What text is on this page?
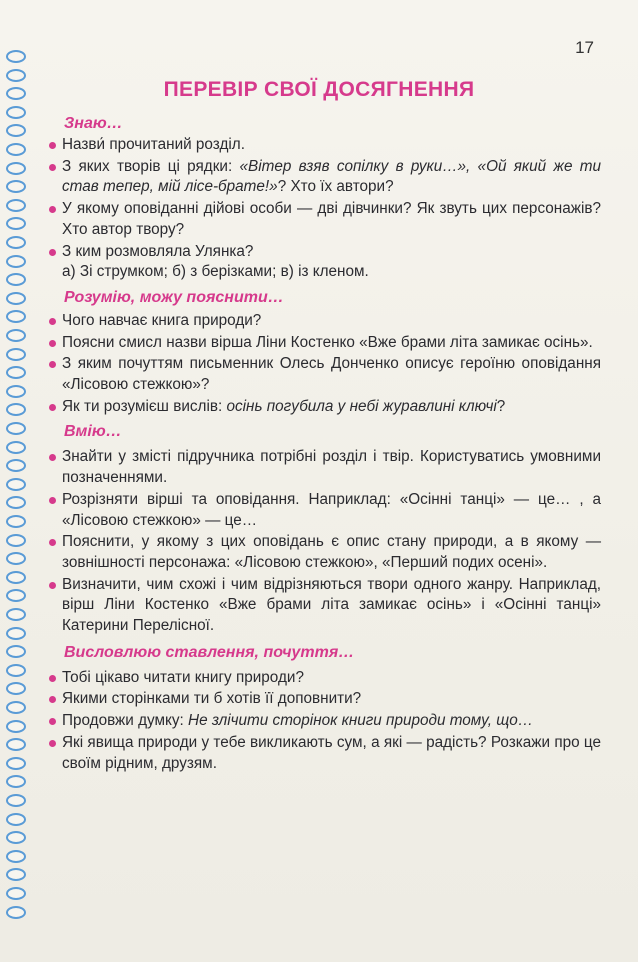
17
ПЕРЕВІР СВОЇ ДОСЯГНЕННЯ
Знаю…
Назви́ прочитаний розділ.
З яких творів ці рядки: «Вітер взяв сопілку в руки…», «Ой який же ти став тепер, мій лісе-брате!»? Хто їх автори?
У якому оповіданні дійові особи — дві дівчинки? Як звуть цих персонажів? Хто автор твору?
З ким розмовляла Улянка?
а) Зі струмком; б) з берізками; в) із кленом.
Розумію, можу пояснити…
Чого навчає книга природи?
Поясни смисл назви вірша Ліни Костенко «Вже брами літа замикає осінь».
З яким почуттям письменник Олесь Донченко описує героїню оповідання «Лісовою стежкою»?
Як ти розумієш вислів: осінь погубила у небі журавлині ключі?
Вмію…
Знайти у змісті підручника потрібні розділ і твір. Користуватись умовними позначеннями.
Розрізняти вірші та оповідання. Наприклад: «Осінні танці» — це… , а «Лісовою стежкою» — це…
Пояснити, у якому з цих оповідань є опис стану природи, а в якому — зовнішності персонажа: «Лісовою стежкою», «Перший подих осені».
Визначити, чим схожі і чим відрізняються твори одного жанру. Наприклад, вірш Ліни Костенко «Вже брами літа замикає осінь» і «Осінні танці» Катерини Перелісної.
Висловлюю ставлення, почуття…
Тобі цікаво читати книгу природи?
Якими сторінками ти б хотів її доповнити?
Продовжи думку: Не злічити сторінок книги природи тому, що…
Які явища природи у тебе викликають сум, а які — радість? Розкажи про це своїм рідним, друзям.
